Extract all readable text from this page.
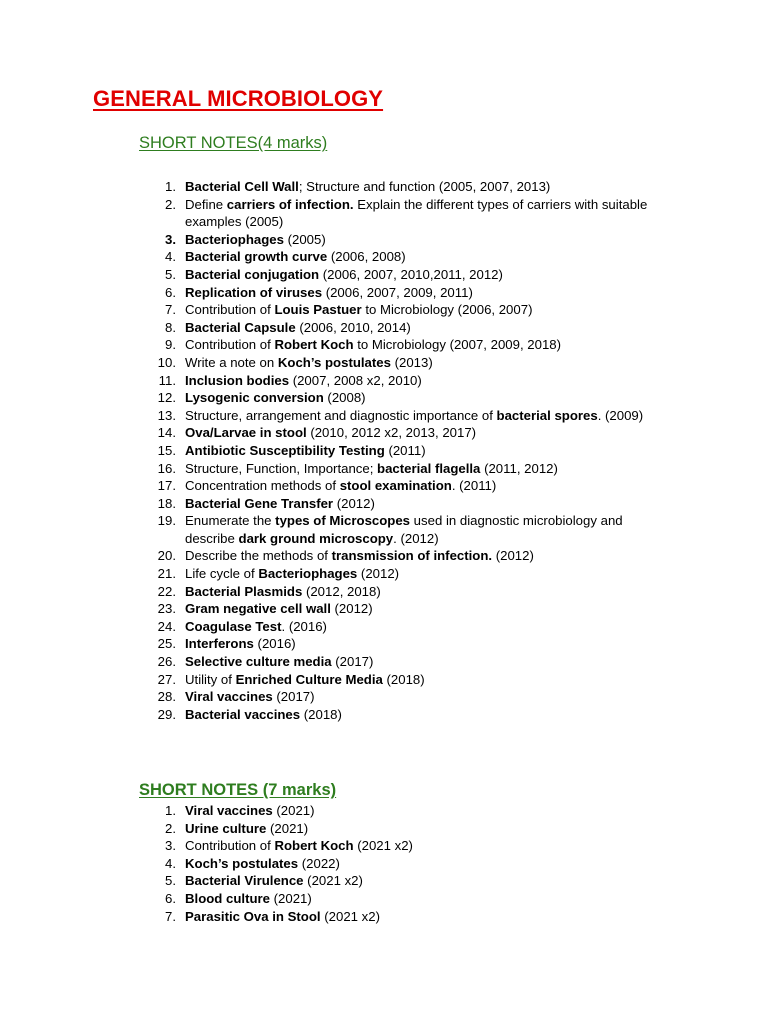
GENERAL MICROBIOLOGY
SHORT NOTES(4 marks)
1. Bacterial Cell Wall; Structure and function (2005, 2007, 2013)
2. Define carriers of infection. Explain the different types of carriers with suitable examples (2005)
3. Bacteriophages (2005)
4. Bacterial growth curve (2006, 2008)
5. Bacterial conjugation (2006, 2007, 2010,2011, 2012)
6. Replication of viruses (2006, 2007, 2009, 2011)
7. Contribution of Louis Pastuer to Microbiology (2006, 2007)
8. Bacterial Capsule (2006, 2010, 2014)
9. Contribution of Robert Koch to Microbiology (2007, 2009, 2018)
10. Write a note on Koch’s postulates (2013)
11. Inclusion bodies (2007, 2008 x2, 2010)
12. Lysogenic conversion (2008)
13. Structure, arrangement and diagnostic importance of bacterial spores. (2009)
14. Ova/Larvae in stool (2010, 2012 x2, 2013, 2017)
15. Antibiotic Susceptibility Testing (2011)
16. Structure, Function, Importance; bacterial flagella (2011, 2012)
17. Concentration methods of stool examination. (2011)
18. Bacterial Gene Transfer (2012)
19. Enumerate the types of Microscopes used in diagnostic microbiology and describe dark ground microscopy. (2012)
20. Describe the methods of transmission of infection. (2012)
21. Life cycle of Bacteriophages (2012)
22. Bacterial Plasmids (2012, 2018)
23. Gram negative cell wall (2012)
24. Coagulase Test. (2016)
25. Interferons (2016)
26. Selective culture media (2017)
27. Utility of Enriched Culture Media (2018)
28. Viral vaccines (2017)
29. Bacterial vaccines (2018)
SHORT NOTES (7 marks)
1. Viral vaccines (2021)
2. Urine culture (2021)
3. Contribution of Robert Koch (2021 x2)
4. Koch’s postulates (2022)
5. Bacterial Virulence (2021 x2)
6. Blood culture (2021)
7. Parasitic Ova in Stool (2021 x2)
